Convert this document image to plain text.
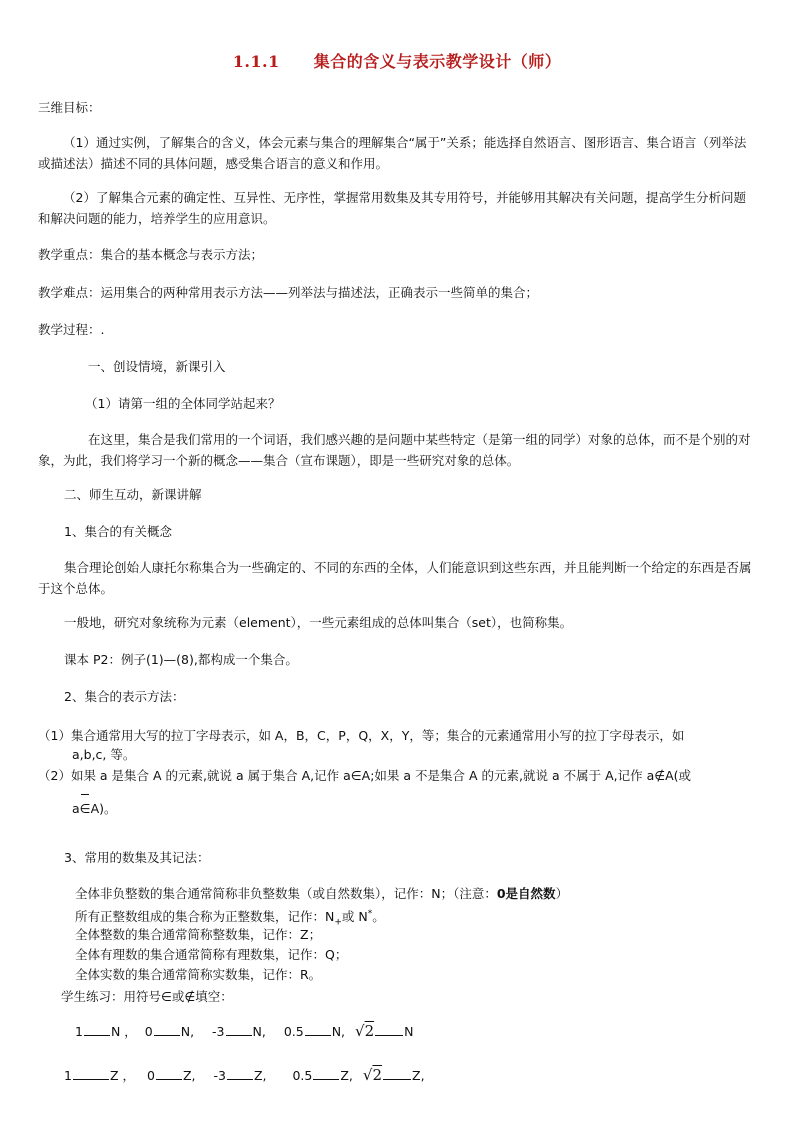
1.1.1 集合的含义与表示教学设计（师）
三维目标：
（1）通过实例，了解集合的含义，体会元素与集合的理解集合“属于”关系；能选择自然语言、图形语言、集合语言（列举法或描述法）描述不同的具体问题，感受集合语言的意义和作用。
（2）了解集合元素的确定性、互异性、无序性，掌握常用数集及其专用符号，并能够用其解决有关问题，提高学生分析问题和解决问题的能力，培养学生的应用意识。
教学重点：集合的基本概念与表示方法；
教学难点：运用集合的两种常用表示方法——列举法与描述法，正确表示一些简单的集合；
教学过程：.
一、创设情境，新课引入
（1）请第一组的全体同学站起来？
在这里，集合是我们常用的一个词语，我们感兴趣的是问题中某些特定（是第一组的同学）对象的总体，而不是个别的对象，为此，我们将学习一个新的概念——集合（宣布课题），即是一些研究对象的总体。
二、师生互动，新课讲解
1、集合的有关概念
集合理论创始人康托尔称集合为一些确定的、不同的东西的全体，人们能意识到这些东西，并且能判断一个给定的东西是否属于这个总体。
一般地，研究对象统称为元素（element），一些元素组成的总体叫集合（set），也简称集。
课本 P2：例子(1)—(8),都构成一个集合。
2、集合的表示方法：
（1）集合通常用大写的拉丁字母表示，如 A，B，C，P，Q，X，Y，等；集合的元素通常用小写的拉丁字母表示，如
a,b,c, 等。
（2）如果 a 是集合 A 的元素,就说 a 属于集合 A,记作 a∈A;如果 a 不是集合 A 的元素,就说 a 不属于 A,记作 a∉A(或
a
∈A)。
3、常用的数集及其记法：
全体非负整数的集合通常简称非负整数集（或自然数集），记作：N；（注意：0是自然数）
所有正整数组成的集合称为正整数集，记作：$N_+$或 N*。
全体整数的集合通常简称整数集，记作：Z；
全体有理数的集合通常简称有理数集，记作：Q；
全体实数的集合通常简称实数集，记作：R。
学生练习：用符号∈或∉填空：
1 N ， 0 N, -3 N, 0.5 N, √2 N
1	Z ， 0 Z, -3 Z, 0.5 Z, √2 Z,
